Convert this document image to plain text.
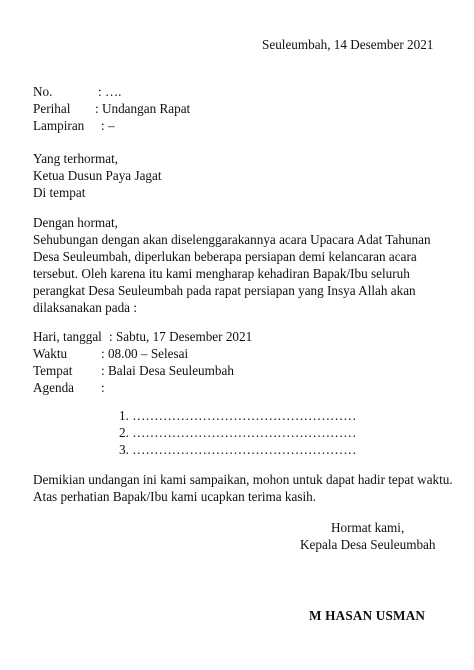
Seuleumbah, 14 Desember 2021
No.	: ….
Perihal : Undangan Rapat
Lampiran : –
Yang terhormat,
Ketua Dusun Paya Jagat
Di tempat
Dengan hormat,
Sehubungan dengan akan diselenggarakannya acara Upacara Adat Tahunan
Desa Seuleumbah, diperlukan beberapa persiapan demi kelancaran acara
tersebut. Oleh karena itu kami mengharap kehadiran Bapak/Ibu seluruh
perangkat Desa Seuleumbah pada rapat persiapan yang Insya Allah akan
dilaksanakan pada :
Hari, tanggal : Sabtu, 17 Desember 2021
Waktu	: 08.00 – Selesai
Tempat : Balai Desa Seuleumbah
Agenda :
1. ……………………………………………
2. ……………………………………………
3. ……………………………………………
Demikian undangan ini kami sampaikan, mohon untuk dapat hadir tepat waktu.
Atas perhatian Bapak/Ibu kami ucapkan terima kasih.
Hormat kami,
Kepala Desa Seuleumbah
M HASAN USMAN
